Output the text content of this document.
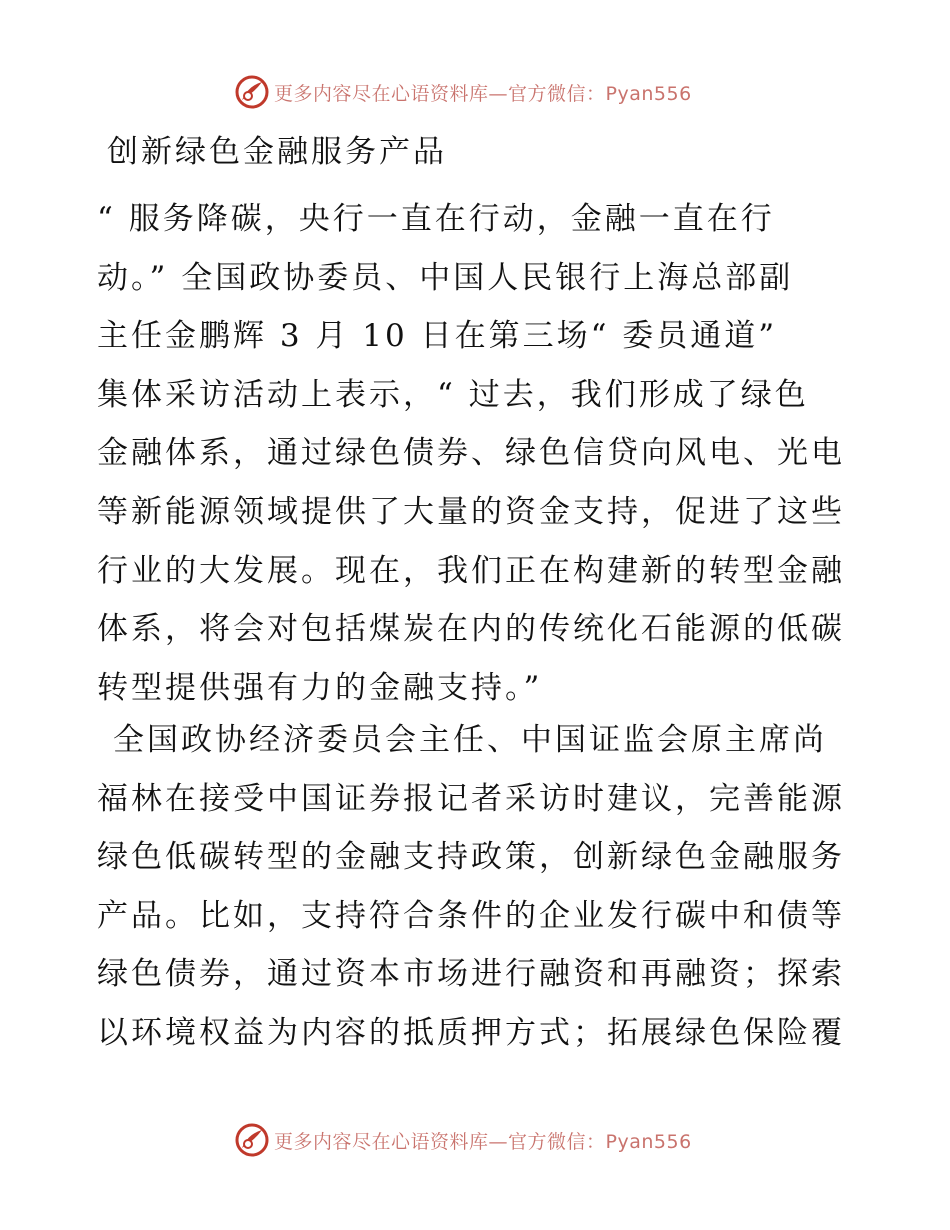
更多内容尽在心语资料库—官方微信：Pyan556
创新绿色金融服务产品
“ 服务降碳，央行一直在行动，金融一直在行
动。” 全国政协委员、中国人民银行上海总部副
主任金鹏辉 3 月 10 日在第三场“ 委员通道”
集体采访活动上表示，“ 过去，我们形成了绿色
金融体系，通过绿色债券、绿色信贷向风电、光电
等新能源领域提供了大量的资金支持，促进了这些
行业的大发展。现在，我们正在构建新的转型金融
体系，将会对包括煤炭在内的传统化石能源的低碳
转型提供强有力的金融支持。”
全国政协经济委员会主任、中国证监会原主席尚
福林在接受中国证券报记者采访时建议，完善能源
绿色低碳转型的金融支持政策，创新绿色金融服务
产品。比如，支持符合条件的企业发行碳中和债等
绿色债券，通过资本市场进行融资和再融资；探索
以环境权益为内容的抵质押方式；拓展绿色保险覆
更多内容尽在心语资料库—官方微信：Pyan556
